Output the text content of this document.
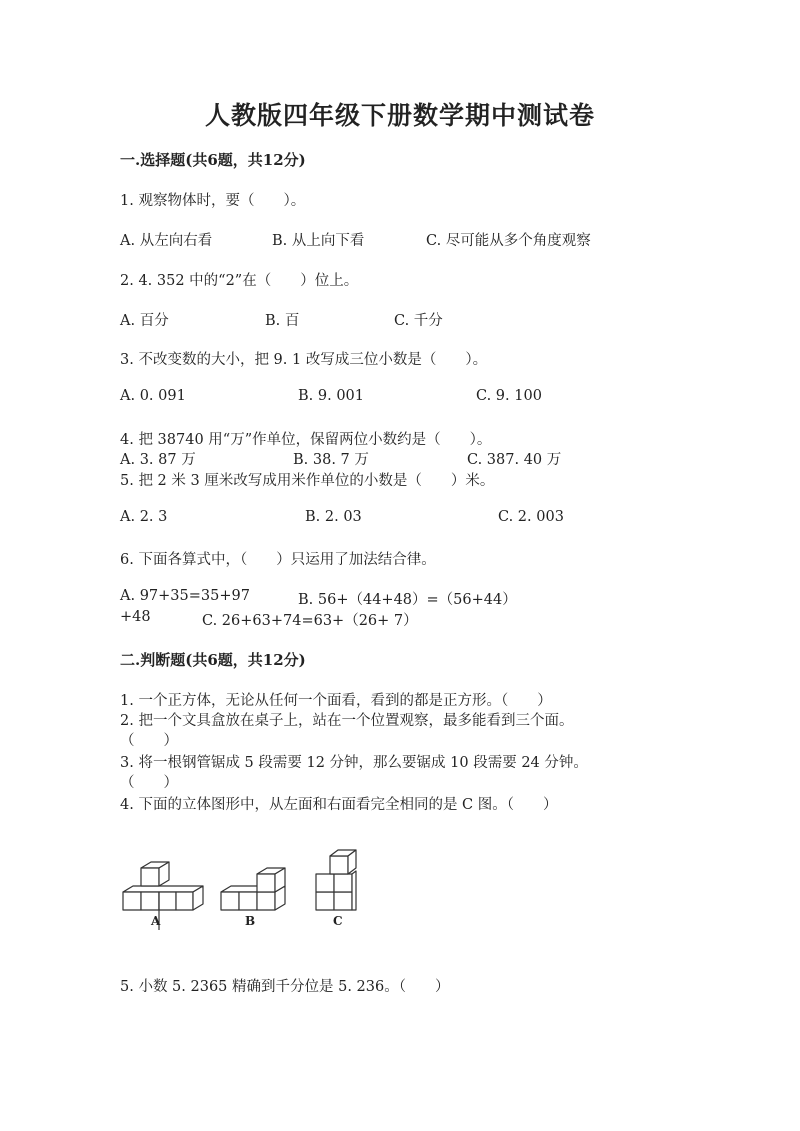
人教版四年级下册数学期中测试卷
一.选择题(共6题，共12分)
1. 观察物体时，要（　　）。
A. 从左向右看	B. 从上向下看	C. 尽可能从多个角度观察
2. 4. 352 中的“2”在（　　）位上。
A. 百分	B. 百	C. 千分
3. 不改变数的大小，把 9. 1 改写成三位小数是（　　）。
A. 0. 091	B. 9. 001	C. 9. 100
4. 把 38740 用“万”作单位，保留两位小数约是（　　）。
A. 3. 87 万	B. 38. 7 万	C. 387. 40 万
5. 把 2 米 3 厘米改写成用米作单位的小数是（　　）米。
A. 2. 3	B. 2. 03	C. 2. 003
6. 下面各算式中，（　　）只运用了加法结合律。
A. 97+35=35+97	B. 56+（44+48）=（56+44）
+48	C. 26+63+74=63+（26+ 7）
二.判断题(共6题，共12分)
1. 一个正方体，无论从任何一个面看，看到的都是正方形。（　　）
2. 把一个文具盒放在桌子上，站在一个位置观察，最多能看到三个面。
（　　）
3. 将一根钢管锯成 5 段需要 12 分钟，那么要锯成 10 段需要 24 分钟。
（　　）
4. 下面的立体图形中，从左面和右面看完全相同的是 C 图。（　　）
A	B	C
5. 小数 5. 2365 精确到千分位是 5. 236。（　　）
